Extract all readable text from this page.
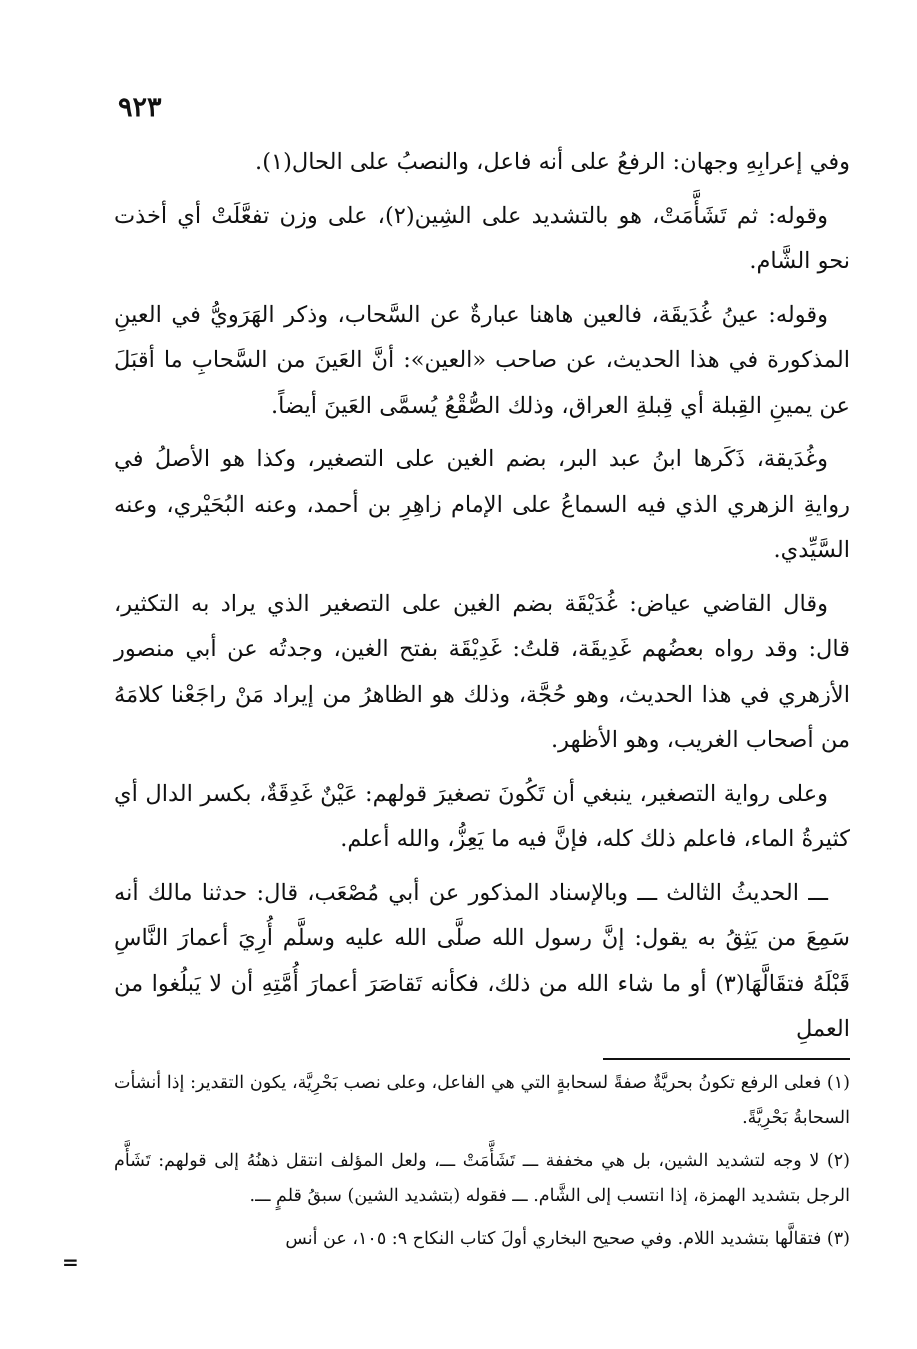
٩٢٣

وفي إعرابِهِ وجهان: الرفعُ على أنه فاعل، والنصبُ على الحال(١).

وقوله: ثم تَشَأَّمَتْ، هو بالتشديد على الشِين(٢)، على وزن تفعَّلَتْ أي أخذت نحو الشَّام.

وقوله: عينُ غُدَيقَة، فالعين هاهنا عبارةٌ عن السَّحاب، وذكر الهَرَويُّ في العينِ المذكورة في هذا الحديث، عن صاحب «العين»: أنَّ العَينَ من السَّحابِ ما أقبَلَ عن يمينِ القِبلة أي قِبلةِ العراق، وذلك الصُّقْعُ يُسمَّى العَينَ أيضاً.

وغُدَيقة، ذَكَرها ابنُ عبد البر، بضم الغين على التصغير، وكذا هو الأصلُ في روايةِ الزهري الذي فيه السماعُ على الإمام زاهِرِ بن أحمد، وعنه البُحَيْري، وعنه السَّيِّدي.

وقال القاضي عياض: غُدَيْقَة بضم الغين على التصغير الذي يراد به التكثير، قال: وقد رواه بعضُهم غَدِيقَة، قلتُ: غَدِيْقَة بفتح الغين، وجدتُه عن أبي منصور الأزهري في هذا الحديث، وهو حُجَّة، وذلك هو الظاهرُ من إيراد مَنْ راجَعْنا كلامَهُ من أصحاب الغريب، وهو الأظهر.

وعلى رواية التصغير، ينبغي أن تَكُونَ تصغيرَ قولهم: عَيْنٌ غَدِقَةٌ، بكسر الدال أي كثيرةُ الماء، فاعلم ذلك كله، فإنَّ فيه ما يَعِزُّ، والله أعلم.

ـــ الحديثُ الثالث ـــ وبالإسناد المذكور عن أبي مُصْعَب، قال: حدثنا مالك أنه سَمِعَ من يَثِقُ به يقول: إنَّ رسول الله صلَّى الله عليه وسلَّم أُرِيَ أعمارَ النَّاسِ قَبْلَهُ فتقَالَّهَا(٣) أو ما شاء الله من ذلك، فكأنه تَقاصَرَ أعمارَ أُمَّتِهِ أن لا يَبلُغوا من العملِ

(١) فعلى الرفع تكونُ بحريَّةٌ صفةً لسحابةٍ التي هي الفاعل، وعلى نصب بَحْرِيَّة، يكون التقدير: إذا أنشأت السحابةُ بَحْرِيَّةً.

(٢) لا وجه لتشديد الشين، بل هي مخففة ـــ تَشَأَّمَتْ ـــ، ولعل المؤلف انتقل ذهنُهُ إلى قولهم: تَشَأَّم الرجل بتشديد الهمزة، إذا انتسب إلى الشَّام. ـــ فقوله (بتشديد الشين) سبقُ قلمٍ ـــ.

(٣) فتقالَّها بتشديد اللام. وفي صحيح البخاري أولَ كتاب النكاح ٩: ١٠٥، عن أنس

=
